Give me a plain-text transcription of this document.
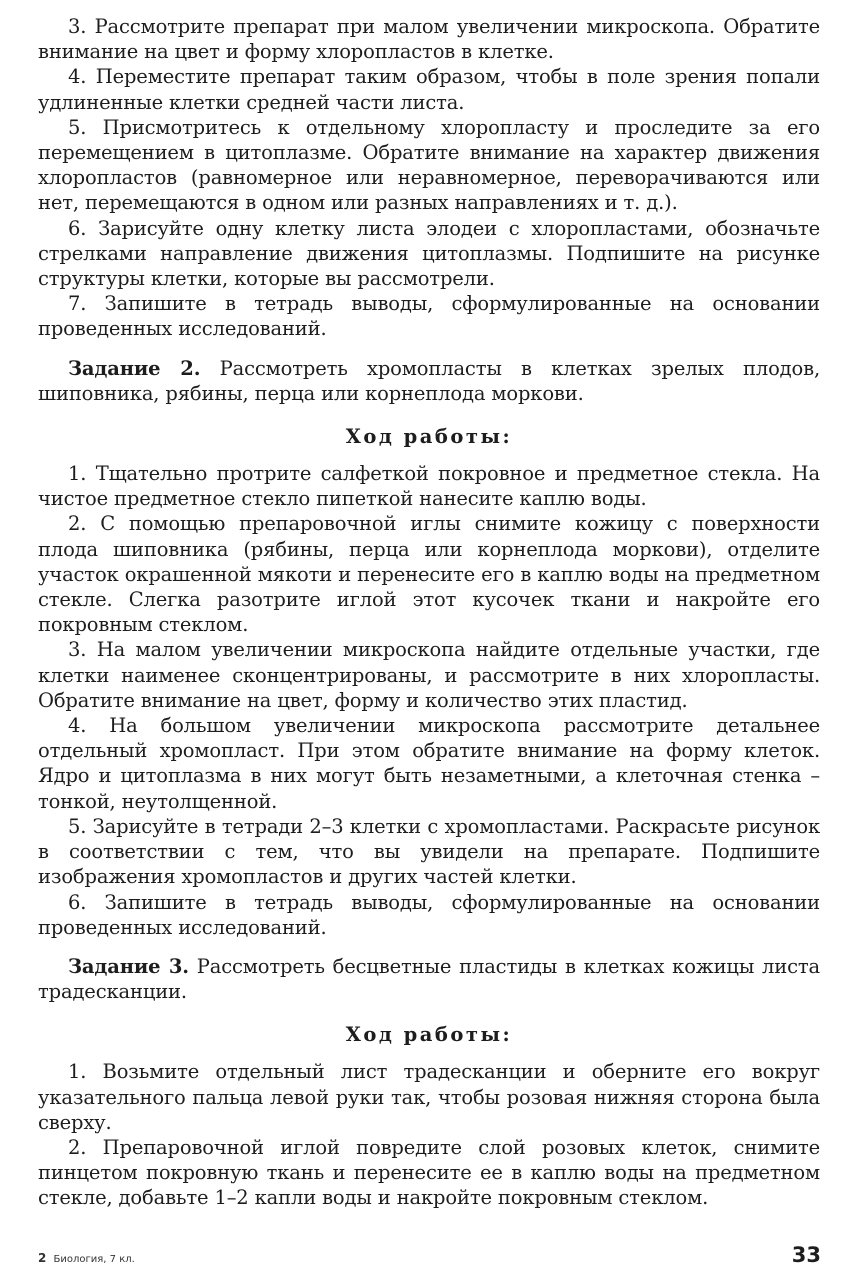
3. Рассмотрите препарат при малом увеличении микроскопа. Обратите внимание на цвет и форму хлоропластов в клетке.

4. Переместите препарат таким образом, чтобы в поле зрения попали удлиненные клетки средней части листа.

5. Присмотритесь к отдельному хлоропласту и проследите за его перемещением в цитоплазме. Обратите внимание на характер движения хлоропластов (равномерное или неравномерное, переворачиваются или нет, перемещаются в одном или разных направлениях и т. д.).

6. Зарисуйте одну клетку листа элодеи с хлоропластами, обозначьте стрелками направление движения цитоплазмы. Подпишите на рисунке структуры клетки, которые вы рассмотрели.

7. Запишите в тетрадь выводы, сформулированные на основании проведенных исследований.

Задание 2. Рассмотреть хромопласты в клетках зрелых плодов, шиповника, рябины, перца или корнеплода моркови.

Ход работы:

1. Тщательно протрите салфеткой покровное и предметное стекла. На чистое предметное стекло пипеткой нанесите каплю воды.

2. С помощью препаровочной иглы снимите кожицу с поверхности плода шиповника (рябины, перца или корнеплода моркови), отделите участок окрашенной мякоти и перенесите его в каплю воды на предметном стекле. Слегка разотрите иглой этот кусочек ткани и накройте его покровным стеклом.

3. На малом увеличении микроскопа найдите отдельные участки, где клетки наименее сконцентрированы, и рассмотрите в них хлоропласты. Обратите внимание на цвет, форму и количество этих пластид.

4. На большом увеличении микроскопа рассмотрите детальнее отдельный хромопласт. При этом обратите внимание на форму клеток. Ядро и цитоплазма в них могут быть незаметными, а клеточная стенка – тонкой, неутолщенной.

5. Зарисуйте в тетради 2–3 клетки с хромопластами. Раскрасьте рисунок в соответствии с тем, что вы увидели на препарате. Подпишите изображения хромопластов и других частей клетки.

6. Запишите в тетрадь выводы, сформулированные на основании проведенных исследований.

Задание 3. Рассмотреть бесцветные пластиды в клетках кожицы листа традесканции.

Ход работы:

1. Возьмите отдельный лист традесканции и оберните его вокруг указательного пальца левой руки так, чтобы розовая нижняя сторона была сверху.

2. Препаровочной иглой повредите слой розовых клеток, снимите пинцетом покровную ткань и перенесите ее в каплю воды на предметном стекле, добавьте 1–2 капли воды и накройте покровным стеклом.

2 Биология, 7 кл.	33
